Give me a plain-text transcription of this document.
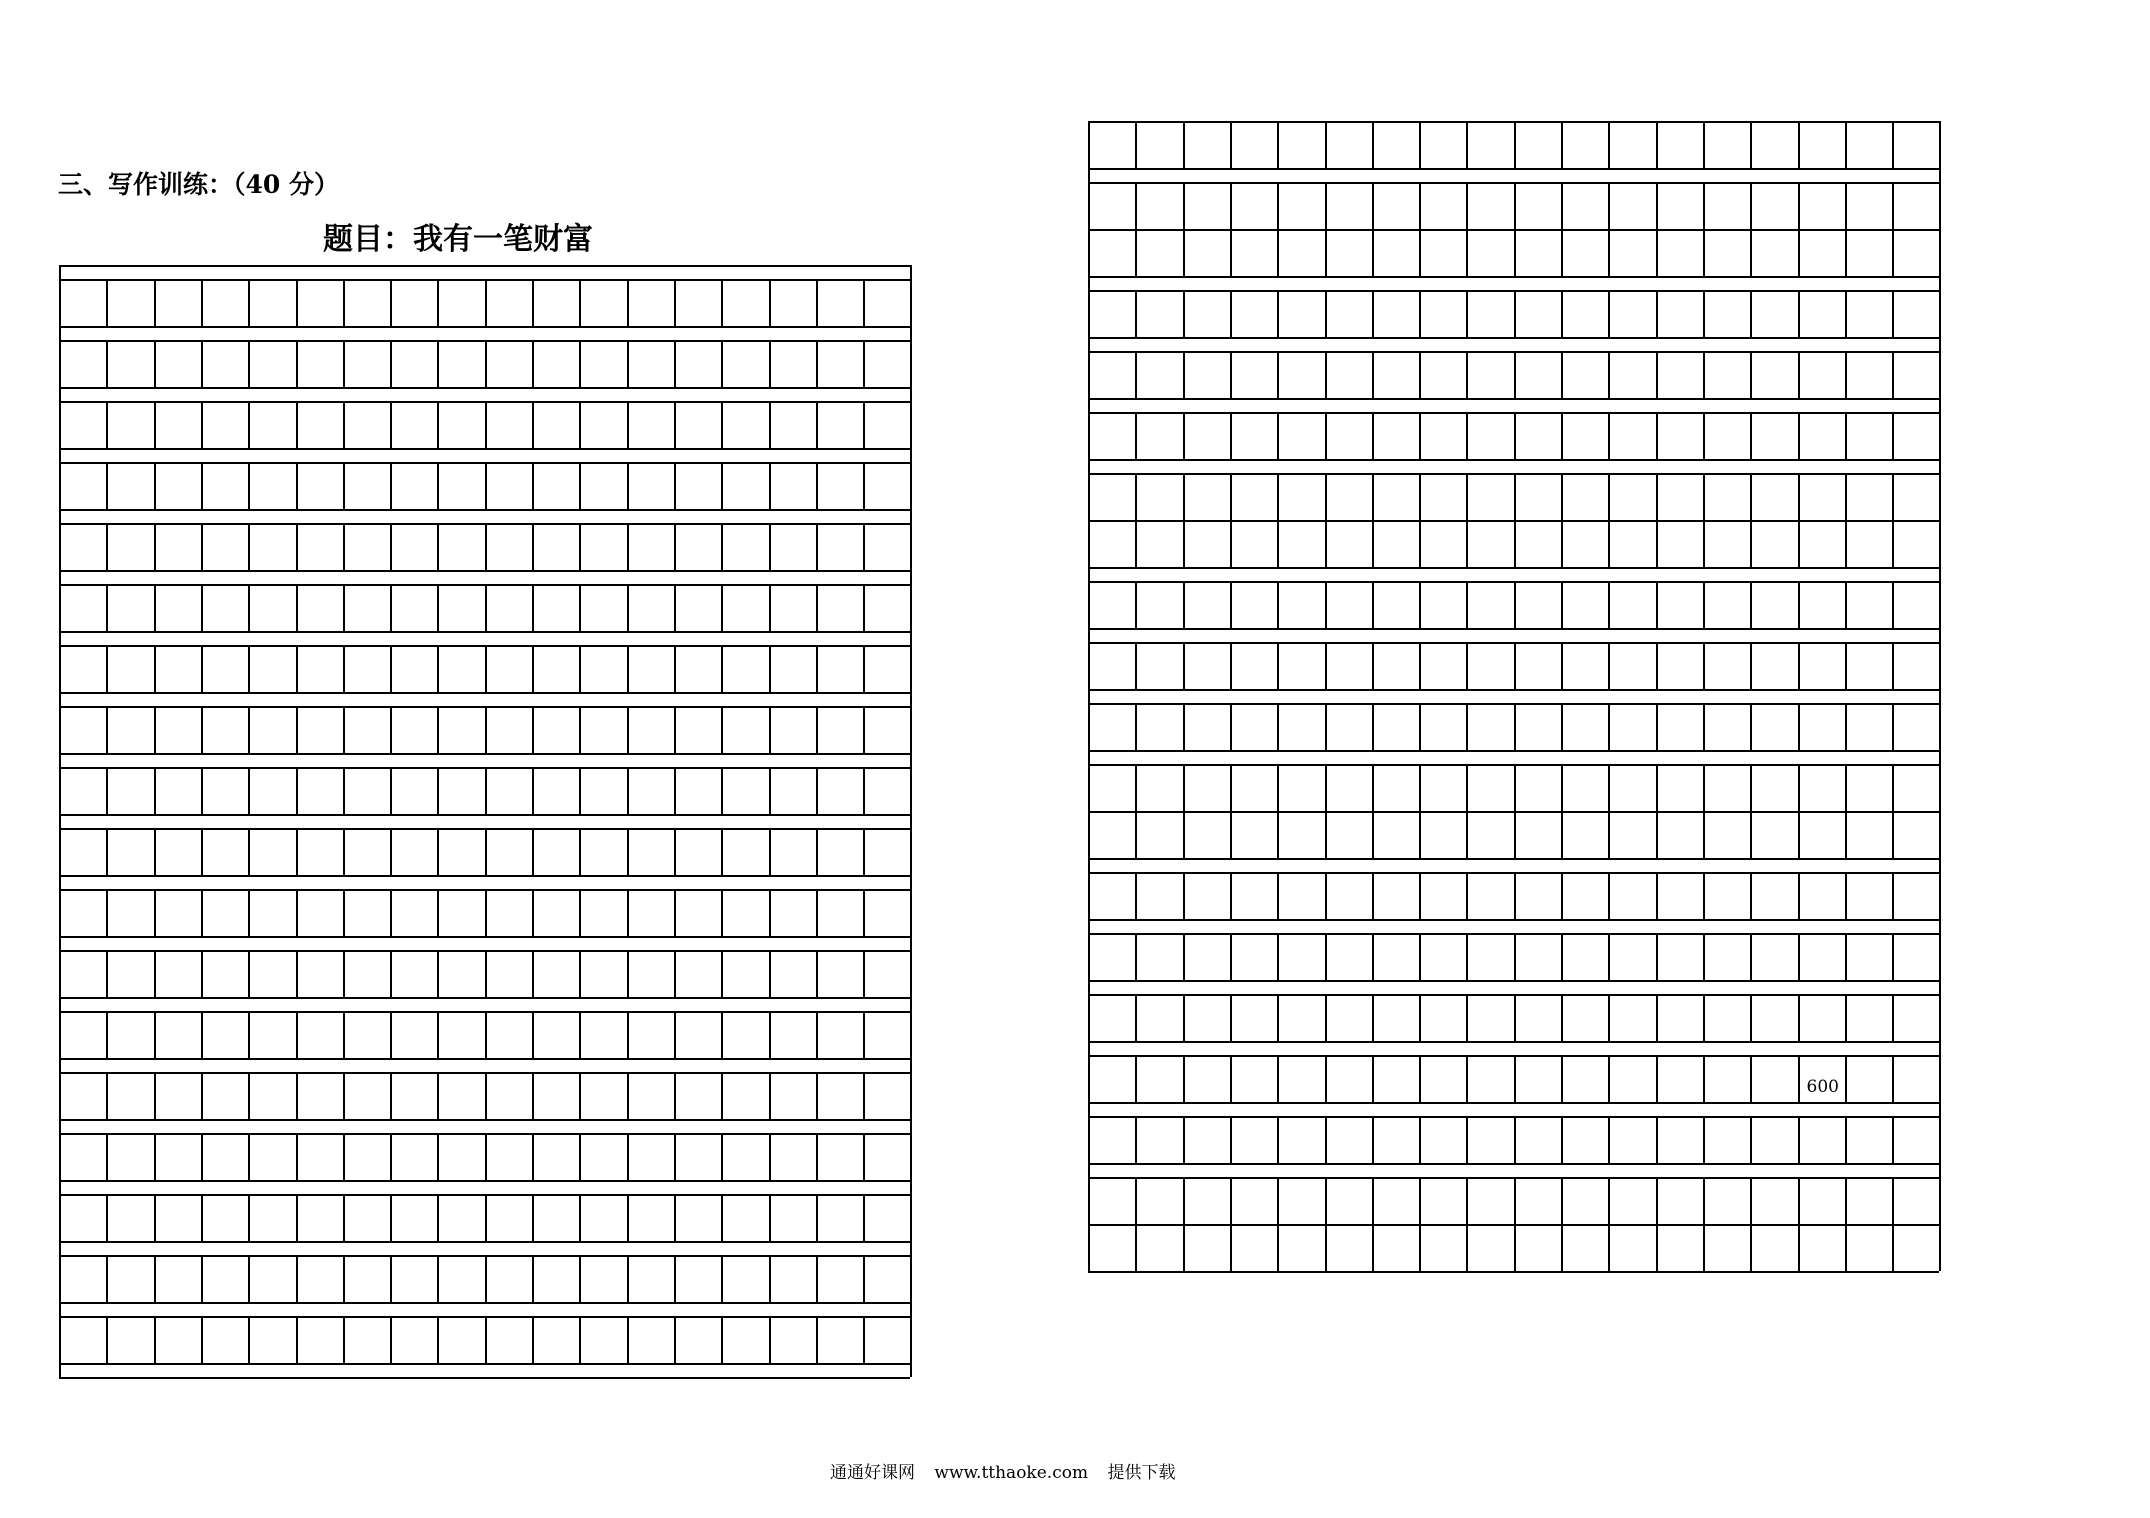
三、写作训练：（40 分）
题目：我有一笔财富
600
通通好课网 www.tthaoke.com 提供下载
